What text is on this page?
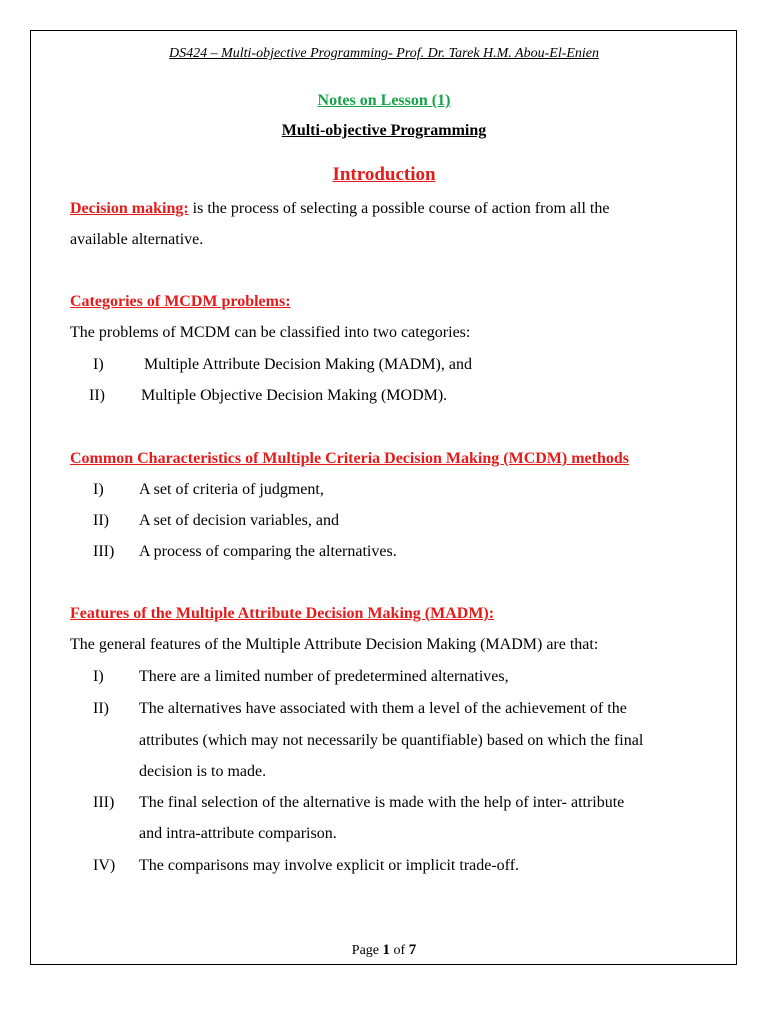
DS424 – Multi-objective Programming- Prof. Dr. Tarek H.M. Abou-El-Enien
Notes on Lesson (1)
Multi-objective Programming
Introduction
Decision making: is the process of selecting a possible course of action from all the
available alternative.
Categories of MCDM problems:
The problems of MCDM can be classified into two categories:
I)	Multiple Attribute Decision Making (MADM), and
II) Multiple Objective Decision Making (MODM).
Common Characteristics of Multiple Criteria Decision Making (MCDM) methods
I) A set of criteria of judgment,
II) A set of decision variables, and
III) A process of comparing the alternatives.
Features of the Multiple Attribute Decision Making (MADM):
The general features of the Multiple Attribute Decision Making (MADM) are that:
I) There are a limited number of predetermined alternatives,
II) The alternatives have associated with them a level of the achievement of the
attributes (which may not necessarily be quantifiable) based on which the final
decision is to made.
III) The final selection of the alternative is made with the help of inter- attribute
and intra-attribute comparison.
IV) The comparisons may involve explicit or implicit trade-off.
Page 1 of 7
